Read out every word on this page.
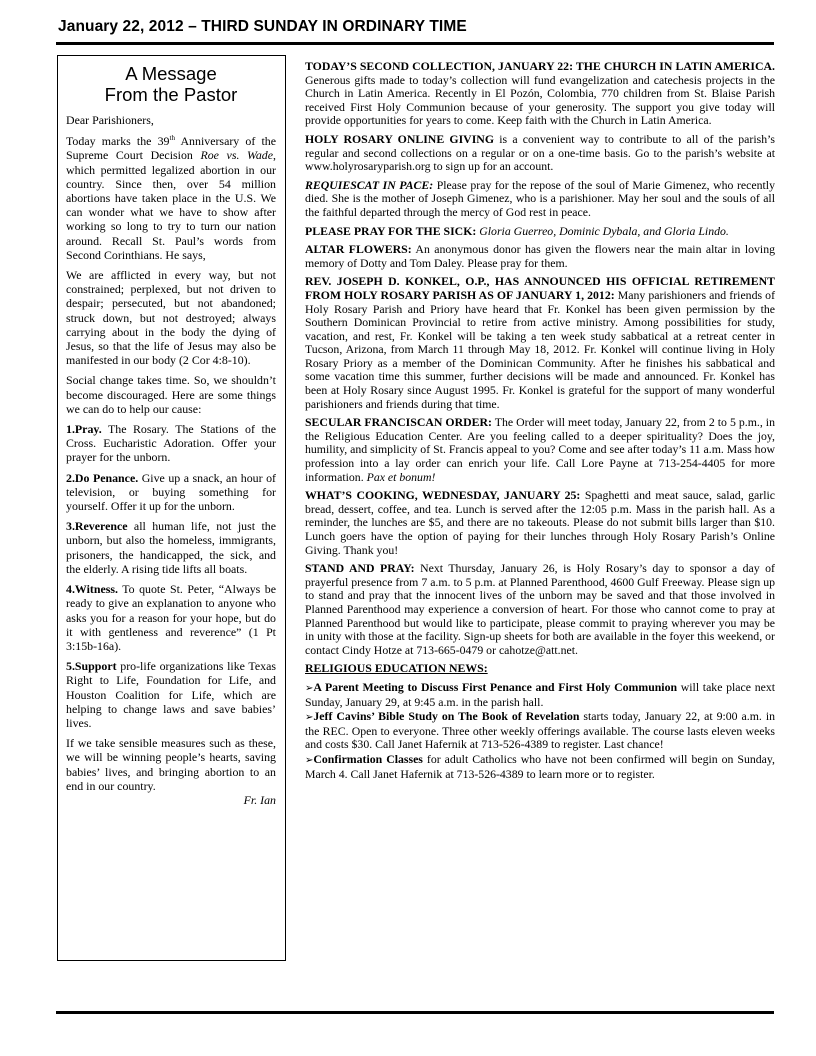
January 22, 2012 – THIRD SUNDAY IN ORDINARY TIME
A Message
From the Pastor

Dear Parishioners,

Today marks the 39th Anniversary of the Supreme Court Decision Roe vs. Wade, which permitted legalized abortion in our country. Since then, over 54 million abortions have taken place in the U.S. We can wonder what we have to show after working so long to try to turn our nation around. Recall St. Paul’s words from Second Corinthians. He says,

We are afflicted in every way, but not constrained; perplexed, but not driven to despair; persecuted, but not abandoned; struck down, but not destroyed; always carrying about in the body the dying of Jesus, so that the life of Jesus may also be manifested in our body (2 Cor 4:8-10).

Social change takes time. So, we shouldn’t become discouraged. Here are some things we can do to help our cause:

1.Pray. The Rosary. The Stations of the Cross. Eucharistic Adoration. Offer your prayer for the unborn.

2.Do Penance. Give up a snack, an hour of television, or buying something for yourself. Offer it up for the unborn.

3.Reverence all human life, not just the unborn, but also the homeless, immigrants, prisoners, the handicapped, the sick, and the elderly. A rising tide lifts all boats.

4.Witness. To quote St. Peter, “Always be ready to give an explanation to anyone who asks you for a reason for your hope, but do it with gentleness and reverence” (1 Pt 3:15b-16a).

5.Support pro-life organizations like Texas Right to Life, Foundation for Life, and Houston Coalition for Life, which are helping to change laws and save babies’ lives.

If we take sensible measures such as these, we will be winning people’s hearts, saving babies’ lives, and bringing abortion to an end in our country.

Fr. Ian

TODAY’S SECOND COLLECTION, JANUARY 22: THE CHURCH IN LATIN AMERICA. Generous gifts made to today’s collection will fund evangelization and catechesis projects in the Church in Latin America. Recently in El Pozón, Colombia, 770 children from St. Blaise Parish received First Holy Communion because of your generosity. The support you give today will provide opportunities for years to come. Keep faith with the Church in Latin America.

HOLY ROSARY ONLINE GIVING is a convenient way to contribute to all of the parish’s regular and second collections on a regular or on a one-time basis. Go to the parish’s website at www.holyrosaryparish.org to sign up for an account.

REQUIESCAT IN PACE: Please pray for the repose of the soul of Marie Gimenez, who recently died. She is the mother of Joseph Gimenez, who is a parishioner. May her soul and the souls of all the faithful departed through the mercy of God rest in peace.

PLEASE PRAY FOR THE SICK: Gloria Guerreo, Dominic Dybala, and Gloria Lindo.

ALTAR FLOWERS: An anonymous donor has given the flowers near the main altar in loving memory of Dotty and Tom Daley. Please pray for them.

REV. JOSEPH D. KONKEL, O.P., HAS ANNOUNCED HIS OFFICIAL RETIREMENT FROM HOLY ROSARY PARISH AS OF JANUARY 1, 2012: Many parishioners and friends of Holy Rosary Parish and Priory have heard that Fr. Konkel has been given permission by the Southern Dominican Provincial to retire from active ministry. Among possibilities for study, vacation, and rest, Fr. Konkel will be taking a ten week study sabbatical at a retreat center in Tucson, Arizona, from March 11 through May 18, 2012. Fr. Konkel will continue living in Holy Rosary Priory as a member of the Dominican Community. After he finishes his sabbatical and some vacation time this summer, further decisions will be made and announced. Fr. Konkel has been at Holy Rosary since August 1995. Fr. Konkel is grateful for the support of many wonderful parishioners and friends during that time.

SECULAR FRANCISCAN ORDER: The Order will meet today, January 22, from 2 to 5 p.m., in the Religious Education Center. Are you feeling called to a deeper spirituality? Does the joy, humility, and simplicity of St. Francis appeal to you? Come and see after today’s 11 a.m. Mass how profession into a lay order can enrich your life. Call Lore Payne at 713-254-4405 for more information. Pax et bonum!

WHAT’S COOKING, WEDNESDAY, JANUARY 25: Spaghetti and meat sauce, salad, garlic bread, dessert, coffee, and tea. Lunch is served after the 12:05 p.m. Mass in the parish hall. As a reminder, the lunches are $5, and there are no takeouts. Please do not submit bills larger than $10. Lunch goers have the option of paying for their lunches through Holy Rosary Parish’s Online Giving. Thank you!

STAND AND PRAY: Next Thursday, January 26, is Holy Rosary’s day to sponsor a day of prayerful presence from 7 a.m. to 5 p.m. at Planned Parenthood, 4600 Gulf Freeway. Please sign up to stand and pray that the innocent lives of the unborn may be saved and that those involved in Planned Parenthood may experience a conversion of heart. For those who cannot come to pray at Planned Parenthood but would like to participate, please commit to praying wherever you may be in unity with those at the facility. Sign-up sheets for both are available in the foyer this weekend, or contact Cindy Hotze at 713-665-0479 or cahotze@att.net.

RELIGIOUS EDUCATION NEWS:

➢A Parent Meeting to Discuss First Penance and First Holy Communion will take place next Sunday, January 29, at 9:45 a.m. in the parish hall.
➢Jeff Cavins’ Bible Study on The Book of Revelation starts today, January 22, at 9:00 a.m. in the REC. Open to everyone. Three other weekly offerings available. The course lasts eleven weeks and costs $30. Call Janet Hafernik at 713-526-4389 to register. Last chance!
➢Confirmation Classes for adult Catholics who have not been confirmed will begin on Sunday, March 4. Call Janet Hafernik at 713-526-4389 to learn more or to register.
